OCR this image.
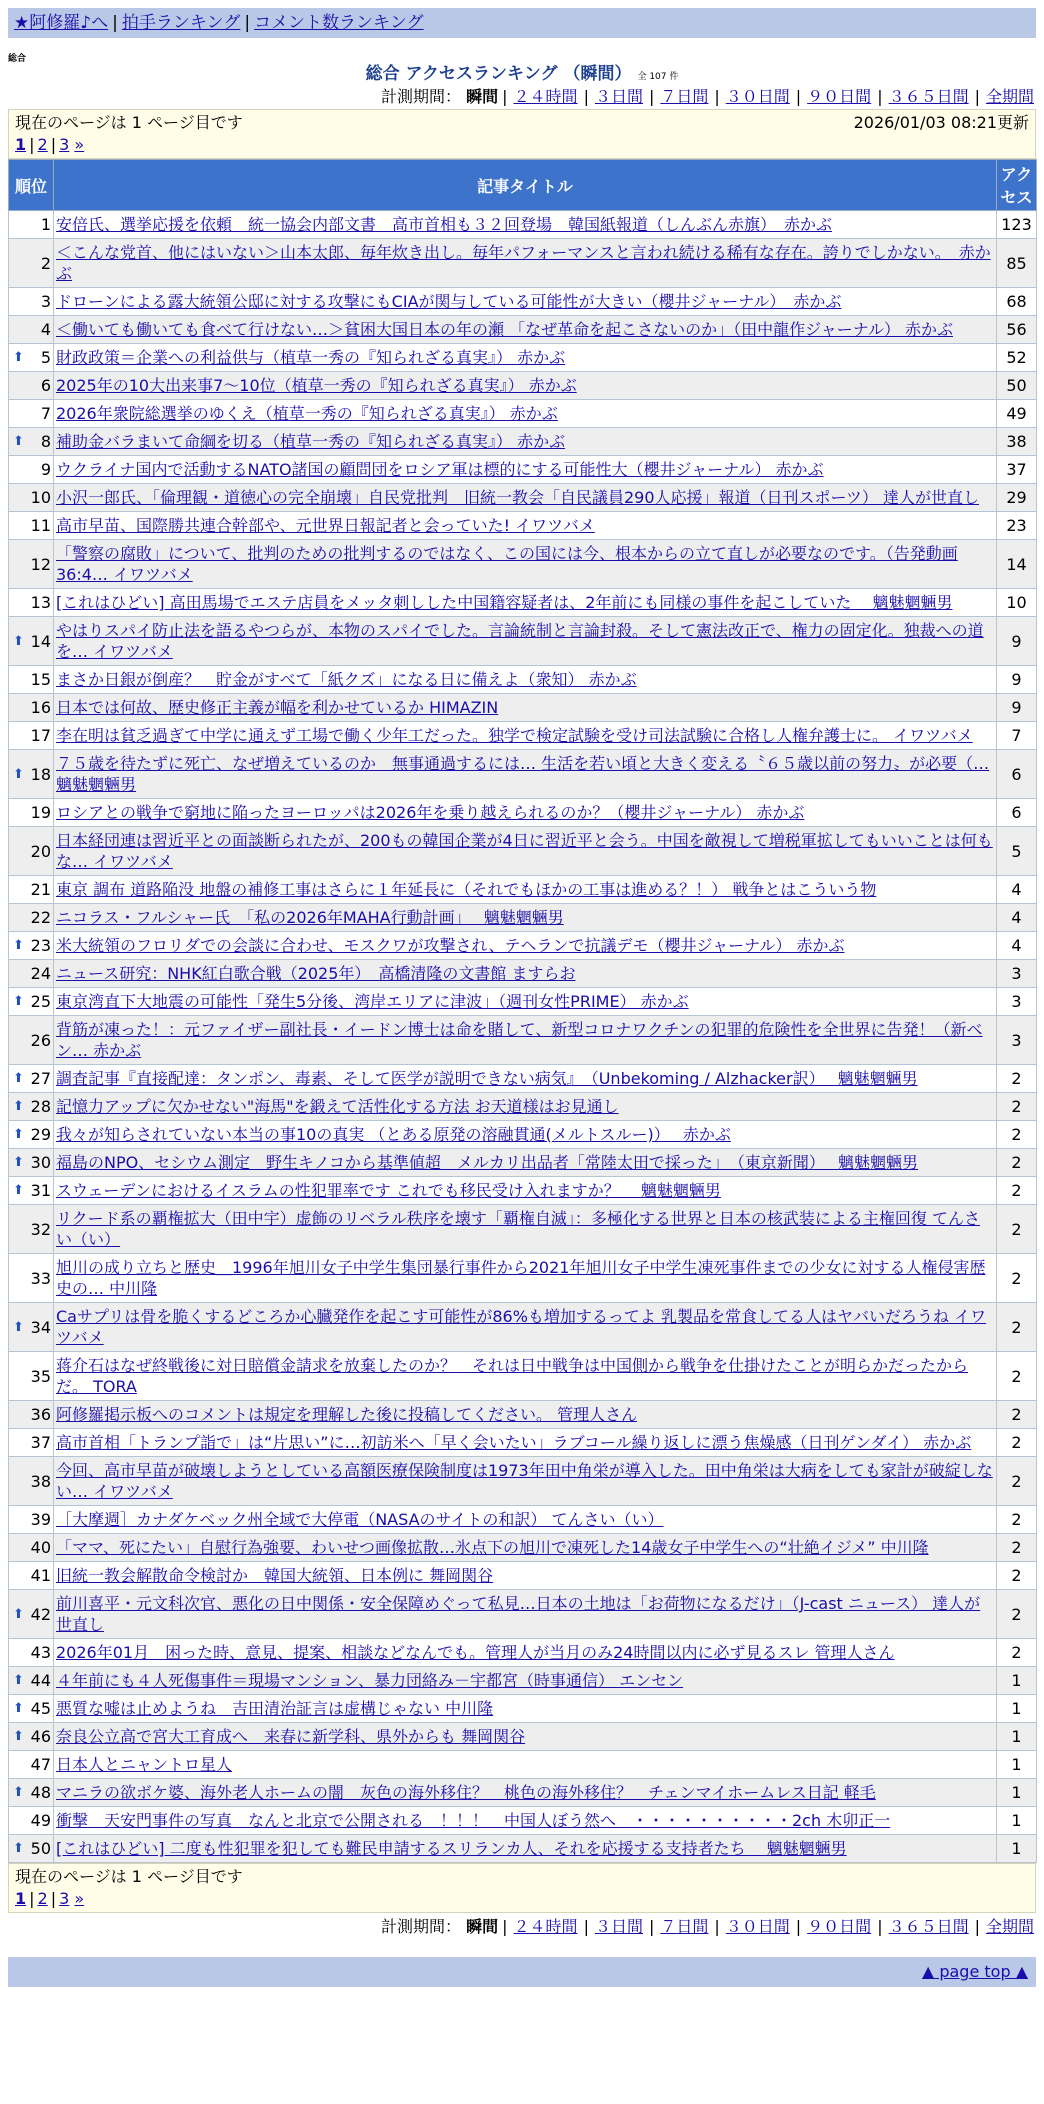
★阿修羅♪へ | 拍手ランキング | コメント数ランキング
総合
総合 アクセスランキング （瞬間） 全 107 件
計測期間： 瞬間 | ２４時間 | ３日間 | ７日間 | ３０日間 | ９０日間 | ３６５日間 | 全期間
現在のページは 1 ページ目です	2026/01/03 08:21更新
1 | 2 | 3 »
順位	記事タイトル	アクセス
1	安倍氏、選挙応援を依頼　統一協会内部文書　高市首相も３２回登場　韓国紙報道（しんぶん赤旗）　赤かぶ	123
2	＜こんな党首、他にはいない＞山本太郎、毎年炊き出し。毎年パフォーマンスと言われ続ける稀有な存在。誇りでしかない。　赤かぶ	85
3	ドローンによる露大統領公邸に対する攻撃にもCIAが関与している可能性が大きい（櫻井ジャーナル）　赤かぶ	68
4	＜働いても働いても食べて行けない…＞貧困大国日本の年の瀬 「なぜ革命を起こさないのか」（田中龍作ジャーナル） 赤かぶ	56

⬆ 5	財政政策＝企業への利益供与（植草一秀の『知られざる真実』） 赤かぶ	52
6	2025年の10大出来事7～10位（植草一秀の『知られざる真実』） 赤かぶ	50
7	2026年衆院総選挙のゆくえ（植草一秀の『知られざる真実』） 赤かぶ	49

⬆ 8	補助金バラまいて命綱を切る（植草一秀の『知られざる真実』） 赤かぶ	38
9	ウクライナ国内で活動するNATO諸国の顧問団をロシア軍は標的にする可能性大（櫻井ジャーナル） 赤かぶ	37
10	小沢一郎氏、「倫理観・道徳心の完全崩壊」自民党批判　旧統一教会「自民議員290人応援」報道（日刊スポーツ） 達人が世直し	29
11	高市早苗、国際勝共連合幹部や、元世界日報記者と会っていた! イワツバメ	23
12	「警察の腐敗」について、批判のための批判するのではなく、この国には今、根本からの立て直しが必要なのです。（告発動画36:4… イワツバメ	14
13	[これはひどい] 高田馬場でエステ店員をメッタ刺しした中国籍容疑者は、2年前にも同様の事件を起こしていた　 魑魅魍魎男	10

⬆ 14	やはりスパイ防止法を語るやつらが、本物のスパイでした。言論統制と言論封殺。そして憲法改正で、権力の固定化。独裁への道を… イワツバメ	9
15	まさか日銀が倒産？　貯金がすべて「紙クズ」になる日に備えよ（衆知） 赤かぶ	9
16	日本では何故、歴史修正主義が幅を利かせているか HIMAZIN	9
17	李在明は貧乏過ぎて中学に通えず工場で働く少年工だった。独学で検定試験を受け司法試験に合格し人権弁護士に。 イワツバメ	7

⬆ 18	７５歳を待たずに死亡、なぜ増えているのか　無事通過するには… 生活を若い頃と大きく変える〝６５歳以前の努力〟が必要（… 魑魅魍魎男	6
19	ロシアとの戦争で窮地に陥ったヨーロッパは2026年を乗り越えられるのか？（櫻井ジャーナル） 赤かぶ	6
20	日本経団連は習近平との面談断られたが、200もの韓国企業が4日に習近平と会う。中国を敵視して増税軍拡してもいいことは何もな… イワツバメ	5
21	東京 調布 道路陥没 地盤の補修工事はさらに１年延長に（それでもほかの工事は進める？！） 戦争とはこういう物	4
22	ニコラス・フルシャー氏　「私の2026年MAHA行動計画」　 魑魅魍魎男	4

⬆ 23	米大統領のフロリダでの会談に合わせ、モスクワが攻撃され、テヘランで抗議デモ（櫻井ジャーナル） 赤かぶ	4
24	ニュース研究：NHK紅白歌合戦（2025年）　高橋清隆の文書館 ますらお	3

⬆ 25	東京湾直下大地震の可能性「発生5分後、湾岸エリアに津波」（週刊女性PRIME） 赤かぶ	3
26	背筋が凍った！：元ファイザー副社長・イードン博士は命を賭して、新型コロナワクチンの犯罪的危険性を全世界に告発！（新ベン… 赤かぶ	3

⬆ 27	調査記事『直接配達：タンポン、毒素、そして医学が説明できない病気』　（Unbekoming / Alzhacker訳）　 魑魅魍魎男	2

⬆ 28	記憶力アップに欠かせない"海馬"を鍛えて活性化する方法 お天道様はお見通し	2

⬆ 29	我々が知らされていない本当の事10の真実 （とある原発の溶融貫通(メルトスルー)）　 赤かぶ	2

⬆ 30	福島のNPO、セシウム測定　野生キノコから基準値超　メルカリ出品者「常陸太田で採った」　（東京新聞）　 魑魅魍魎男	2

⬆ 31	スウェーデンにおけるイスラムの性犯罪率です これでも移民受け入れますか？　 魑魅魍魎男	2
32	リクード系の覇権拡大（田中宇）虚飾のリベラル秩序を壊す「覇権自滅」：多極化する世界と日本の核武装による主権回復 てんさい（い）	2
33	旭川の成り立ちと歴史＿1996年旭川女子中学生集団暴行事件から2021年旭川女子中学生凍死事件までの少女に対する人権侵害歴史の… 中川隆	2

⬆ 34	Caサプリは骨を脆くするどころか心臓発作を起こす可能性が86%も増加するってよ 乳製品を常食してる人はヤバいだろうね イワツバメ	2
35	蒋介石はなぜ終戦後に対日賠償金請求を放棄したのか？　それは日中戦争は中国側から戦争を仕掛けたことが明らかだったからだ。 TORA	2
36	阿修羅掲示板へのコメントは規定を理解した後に投稿してください。 管理人さん	2
37	高市首相「トランプ詣で」は“片思い”に…初訪米へ「早く会いたい」ラブコール繰り返しに漂う焦燥感（日刊ゲンダイ） 赤かぶ	2
38	今回、高市早苗が破壊しようとしている高額医療保険制度は1973年田中角栄が導入した。田中角栄は大病をしても家計が破綻しない… イワツバメ	2
39	［大摩週］カナダケベック州全域で大停電（NASAのサイトの和訳） てんさい（い）	2
40	「ママ、死にたい」自慰行為強要、わいせつ画像拡散…氷点下の旭川で凍死した14歳女子中学生への“壮絶イジメ” 中川隆	2
41	旧統一教会解散命令検討か　韓国大統領、日本例に 舞岡関谷	2

⬆ 42	前川喜平・元文科次官、悪化の日中関係・安全保障めぐって私見…日本の土地は「お荷物になるだけ」（J-cast ニュース） 達人が世直し	2
43	2026年01月　困った時、意見、提案、相談などなんでも。管理人が当月のみ24時間以内に必ず見るスレ 管理人さん	2

⬆ 44	４年前にも４人死傷事件＝現場マンション、暴力団絡み－宇都宮（時事通信） エンセン	1

⬆ 45	悪質な嘘は止めようね　吉田清治証言は虚構じゃない 中川隆	1

⬆ 46	奈良公立高で宮大工育成へ　来春に新学科、県外からも 舞岡関谷	1
47	日本人とニャントロ星人	1

⬆ 48	マニラの欲ボケ婆、海外老人ホームの闇　灰色の海外移住？　桃色の海外移住？　チェンマイホームレス日記 軽毛	1
49	衝撃　天安門事件の写真　なんと北京で公開される　！！！　中国人ぼう然へ　・・・・・・・・・・2ch 木卯正一	1

⬆ 50	[これはひどい] 二度も性犯罪を犯しても難民申請するスリランカ人、それを応援する支持者たち　 魑魅魍魎男	1
現在のページは 1 ページ目です
1 | 2 | 3 »
計測期間： 瞬間 | ２４時間 | ３日間 | ７日間 | ３０日間 | ９０日間 | ３６５日間 | 全期間
▲ page top ▲
